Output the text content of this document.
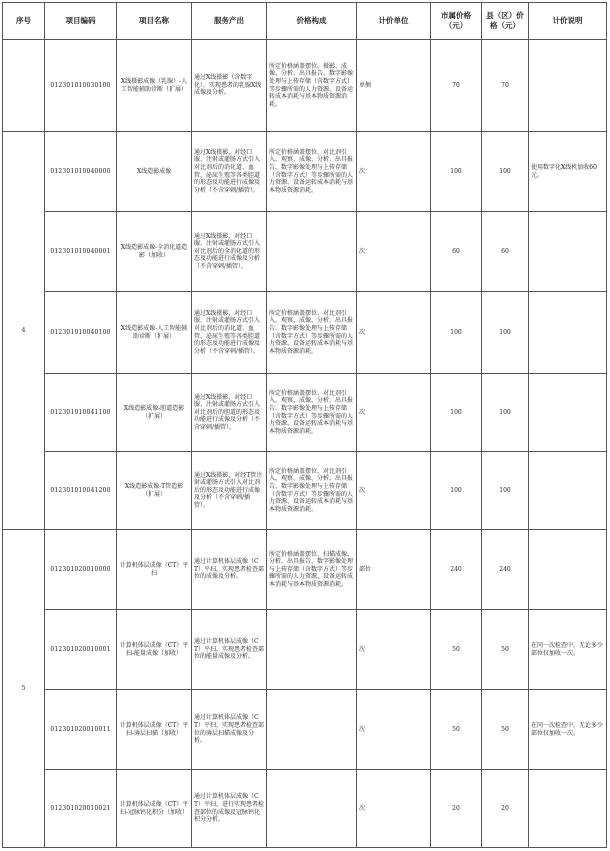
序号	项目编码	项目名称	服务产出	价格构成	计价单位	市属价格（元）	县（区）价格（元）	计价说明
	012301010030100	X线摄影成像（乳腺）-人工智能辅助诊断（扩展）	通过X线摄影（含数字化），实现患者的乳腺X线成像及分析。	所定价格涵盖摆位、摄影、成像、分析、出具报告、数字影像处理与上传存储（含数字方式）等步骤所需的人力资源、设备运转成本消耗与基本物质资源消耗。	单侧	70	70	
4	012301010040000	X线造影成像	通过X线摄影，对经口服、注射或灌肠方式引入对比剂后的消化道、血管、泌尿生殖等各类腔道的形态及功能进行成像及分析（不含穿刺/插管）。	所定价格涵盖摆位、对比剂引入、观察、成像、分析、出具报告、数字影像处理与上传存储（含数字方式）等步骤所需的人力资源、设备运转成本消耗与基本物质资源消耗。	次	100	100	使用数字化X线机加收60元。
	012301010040001	X线造影成像-全消化道造影（加收）	通过X线摄影，对经口服、注射或灌肠方式引入对比剂后的全消化道的形态及功能进行成像及分析（不含穿刺/插管）。		次	60	60	
	012301010040100	X线造影成像-人工智能辅助诊断（扩展）	通过X线摄影，对经口服、注射或灌肠方式引入对比剂后的消化道、血管、泌尿生殖等各类腔道的形态及功能进行成像及分析（不含穿刺/插管）。	所定价格涵盖摆位、对比剂引入、观察、成像、分析、出具报告、数字影像处理与上传存储（含数字方式）等步骤所需的人力资源、设备运转成本消耗与基本物质资源消耗。	次	100	100	
	012301010041100	X线造影成像-胆道造影（扩展）	通过X线摄影，对经口服、注射或灌肠方式引入对比剂后的胆道的形态及功能进行成像及分析（不含穿刺/插管）。	所定价格涵盖摆位、对比剂引入、观察、成像、分析、出具报告、数字影像处理与上传存储（含数字方式）等步骤所需的人力资源、设备运转成本消耗与基本物质资源消耗。	次	100	100	
	012301010041200	X线造影成像-T管造影（扩展）	通过X线摄影，对经T管注射或灌肠方式引入对比剂后的形态及功能进行成像及分析（不含穿刺/插管）。	所定价格涵盖摆位、对比剂引入、观察、成像、分析、出具报告、数字影像处理与上传存储（含数字方式）等步骤所需的人力资源、设备运转成本消耗与基本物质资源消耗。	次	100	100	
5	012301020010000	计算机体层成像（CT）平扫	通过计算机体层成像（CT）平扫，实现患者检查部位的成像及分析。	所定价格涵盖摆位、扫描成像、分析、出具报告、数字影像处理与上传存储（含数字方式）等步骤所需的人力资源、设备运转成本消耗与基本物质资源消耗。	部位	240	240	
	012301020010001	计算机体层成像（CT）平扫-能量成像（加收）	通过计算机体层成像（CT）平扫，实现患者检查部位的能量成像及分析。		次	50	50	在同一次检查中，无论多少部位仅加收一次。
	012301020010011	计算机体层成像（CT）平扫-薄层扫描（加收）	通过计算机体层成像（CT）平扫，实现患者检查部位的薄层扫描成像及分析。		次	50	50	在同一次检查中，无论多少部位仅加收一次。
	012301020010021	计算机体层成像（CT）平扫-冠脉钙化积分（加收）	通过计算机体层成像（CT）平扫，进行实现患者检查部位的成像及冠脉钙化积分分析。		次	20	20	
